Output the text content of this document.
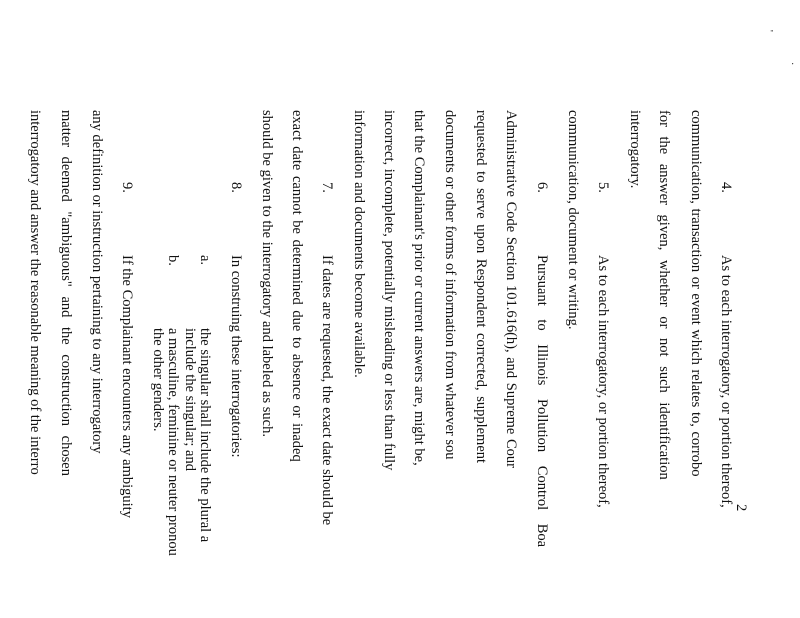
'
·
4.
As to each interrogatory, or portion thereof,
communication, transaction or event which relates to, corrobo
for the answer given, whether or not such identification
interrogatory.
5.
As to each interrogatory, or portion thereof,
communication, document or writing.
6.
Pursuant to Illinois Pollution Control Boa
Administrative Code Section 101.616(h), and Supreme Cour
requested to serve upon Respondent corrected, supplement
documents or other forms of information from whatever sou
that the Complainant's prior or current answers are, might be,
incorrect, incomplete, potentially misleading or less than fully
information and documents become available.
7.
If dates are requested, the exact date should be
exact date cannot be determined due to absence or inadeq
should be given to the interrogatory and labeled as such.
8.
In construing these interrogatories:
a.
the singular shall include the plural a
include the singular; and
b.
a masculine, feminine or neuter pronou
the other genders.
9.
If the Complainant encounters any ambiguity
any definition or instruction pertaining to any interrogatory
matter deemed "ambiguous" and the construction chosen
interrogatory and answer the reasonable meaning of the interro
2
